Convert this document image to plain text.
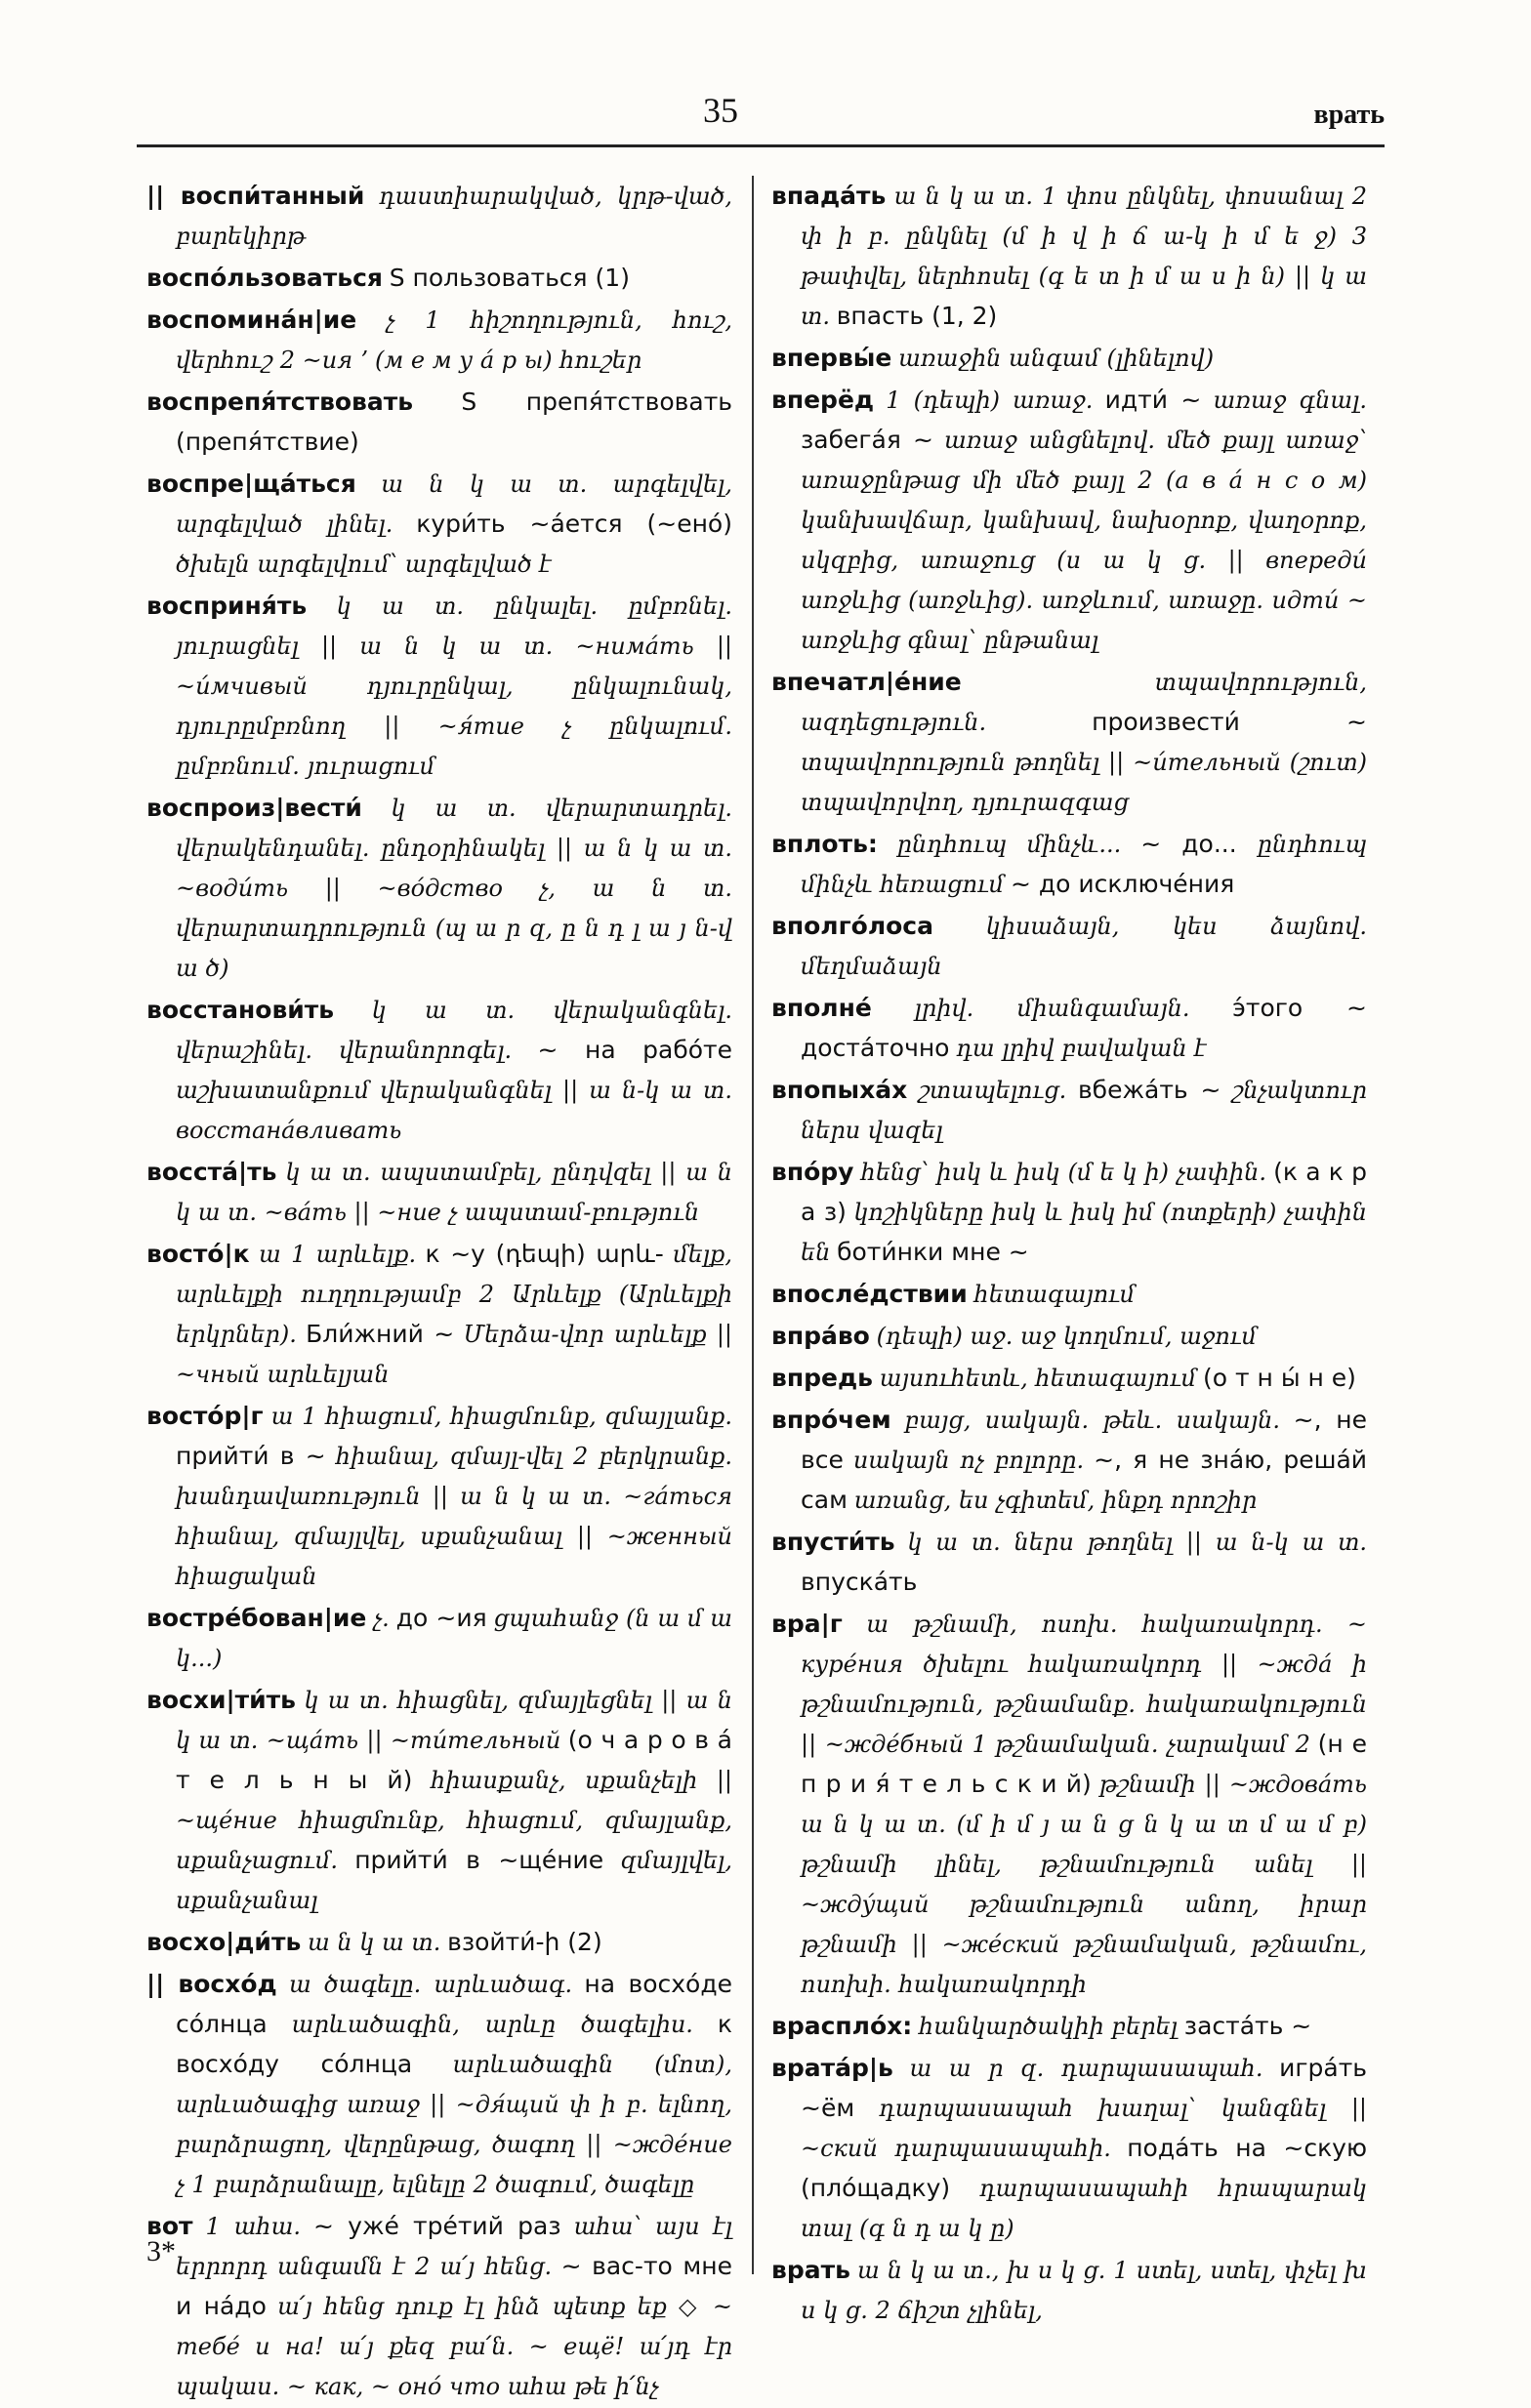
35	врать
|| воспи́танный դաստիարակված, կրթ-ված, բարեկիրթ
воспо́льзоваться S пользоваться (1)
воспомина́н|ие չ 1 հիշողություն, հուշ, վերհուշ 2 ~ия ʼ (м е м у а́ р ы) հուշեր
воспрепя́тствовать S препя́тствовать (препя́тствие)
воспре|ща́ться ա ն կ ա տ. արգելվել, արգելված լինել. кури́ть ~а́ется (~ено́) ծխելն արգելվում՝ արգելված է
восприня́ть կ ա տ. ընկալել. ըմբռնել. յուրացնել || ա ն կ ա տ. ~нима́ть || ~и́мчивый դյուրընկալ, ընկալունակ, դյուրըմբռնող || ~я́тие չ ընկալում. ըմբռնում. յուրացում
воспроиз|вести́ կ ա տ. վերարտադրել. վերակենդանել. ընդօրինակել || ա ն կ ա տ. ~води́ть || ~во́дство չ, ա ն տ. վերարտադրություն (պ ա ր զ, ը ն դ լ ա յ ն-վ ա ծ)
восстанови́ть կ ա տ. վերականգնել. վերաշինել. վերանորոգել. ~ на рабо́те աշխատանքում վերականգնել || ա ն-կ ա տ. восстана́вливать
восста́|ть կ ա տ. ապստամբել, ընդվզել || ա ն կ ա տ. ~ва́ть || ~ние չ ապստամ-բություն
восто́|к ա 1 արևելք. к ~у (դեպի) արև- մելք, արևելքի ուղղությամբ 2 Արևելք (Արևելքի երկրներ). Бли́жний ~ Մերձա-վոր արևելք || ~чный արևելյան
восто́р|г ա 1 հիացում, հիացմունք, զմայլանք. прийти́ в ~ հիանալ, զմայլ-վել 2 բերկրանք. խանդավառություն || ա ն կ ա տ. ~га́ться հիանալ, զմայլվել, սքանչանալ || ~женный հիացական
востре́бован|ие չ. до ~ия ցպահանջ (ն ա մ ա կ...)
восхи|ти́ть կ ա տ. հիացնել, զմայլեցնել || ա ն կ ա տ. ~ща́ть || ~ти́тельный (о ч а р о в а́ т е л ь н ы й) հիասքանչ, սքանչելի || ~ще́ние հիացմունք, հիացում, զմայլանք, սքանչացում. прийти́ в ~ще́ние զմայլվել, սքանչանալ
восхо|ди́ть ա ն կ ա տ. взойти́-ի (2)
|| восхо́д ա ծագելը. արևածագ. на восхо́де со́лнца արևածագին, արևը ծագելիս. к восхо́ду со́лнца արևածագին (մոտ), արևածագից առաջ || ~дя́щий փ ի բ. ելնող, բարձրացող, վերընթաց, ծագող || ~жде́ние չ 1 բարձրանալը, ելնելը 2 ծագում, ծագելը
вот 1 ահա. ~ уже́ тре́тий раз ահա՝ այս էլ երրորդ անգամն է 2 ա՛յ հենց. ~ вас-то мне и на́до ա՛յ հենց դուք էլ ինձ պետք եք ◇ ~ тебе́ и на! ա՛յ քեզ բա՛ն. ~ ещё! ա՛յդ էր պակաս. ~ как, ~ оно́ что ահա թե ի՛նչ
впада́ть ա ն կ ա տ. 1 փոս ընկնել, փոսանալ 2 փ ի բ. ընկնել (մ ի վ ի ճ ա-կ ի մ ե ջ) 3 թափվել, ներհոսել (գ ե տ ի մ ա ս ի ն) || կ ա տ. впасть (1, 2)
впервы́е առաջին անգամ (լինելով)
вперёд 1 (դեպի) առաջ. идти́ ~ առաջ գնալ. забега́я ~ առաջ անցնելով. մեծ քայլ առաջ՝ առաջընթաց մի մեծ քայլ 2 (а в а́ н с о м) կանխավճար, կանխավ, նախօրոք, վաղօրոք, սկզբից, առաջուց (ս ա կ ց. || впереди́ առջևից (առջևից). առջևում, առաջը. идти́ ~ առջևից գնալ՝ ընթանալ
впечатл|е́ние	տպավորություն, ազդեցություն.	произвести́ ~ տպավորություն թողնել || ~и́тельный (շուտ) տպավորվող, դյուրազգաց
вплоть: ընդհուպ մինչև... ~ до... ընդհուպ մինչև հեռացում ~ до исключе́ния
вполго́лоса կիսաձայն, կես ձայնով. մեղմաձայն
вполне́ լրիվ. միանգամայն. э́того ~ доста́точно դա լրիվ բավական է
впопыха́х շտապելուց. вбежа́ть ~ շնչակտուր ներս վազել
впо́ру հենց՝ իսկ և իսկ (մ ե կ ի) չափին. (к а к р а з) կոշիկները իսկ և իսկ իմ (ոտքերի) չափին են боти́нки мне ~
впосле́дствии հետագայում
впра́во (դեպի) աջ. աջ կողմում, աջում
впредь այսուհետև, հետագայում (о т н ы́ н е)
впро́чем բայց, սակայն. թեև. սակայն. ~, не все սակայն ոչ բոլորը. ~, я не зна́ю, реша́й сам առանց, ես չգիտեմ, ինքդ որոշիր
впусти́ть կ ա տ. ներս թողնել || ա ն-կ ա տ. впуска́ть
вра|г ա թշնամի, ոսոխ. հակառակորդ. ~ куре́ния ծխելու հակառակորդ || ~жда́ ի թշնամություն, թշնամանք. հակառակություն || ~жде́бный 1 թշնամական. չարակամ 2 (н е п р и я́ т е л ь с к и й) թշնամի || ~ждова́ть ա ն կ ա տ. (մ ի մ յ ա ն ց ն կ ա տ մ ա մ բ) թշնամի լինել, թշնամություն անել || ~жду́щий թշնամություն անող, իրար թշնամի || ~же́ский թշնամական, թշնամու, ոսոխի. հակառակորդի
врасплóх: հանկարծակիի բերել заста́ть ~
врата́р|ь ա ա ր զ. դարպասապահ. игра́ть ~ём դարպասապահ խաղալ՝ կանգնել || ~ский դարպասապահի. пода́ть на ~скую (пло́щадку) դարպասապահի հրապարակ տալ (գ ն դ ա կ ը)
врать ա ն կ ա տ., խ ս կ ց. 1 ստել, ստել, փչել խ ս կ ց. 2 ճիշտ չլինել,
3*
